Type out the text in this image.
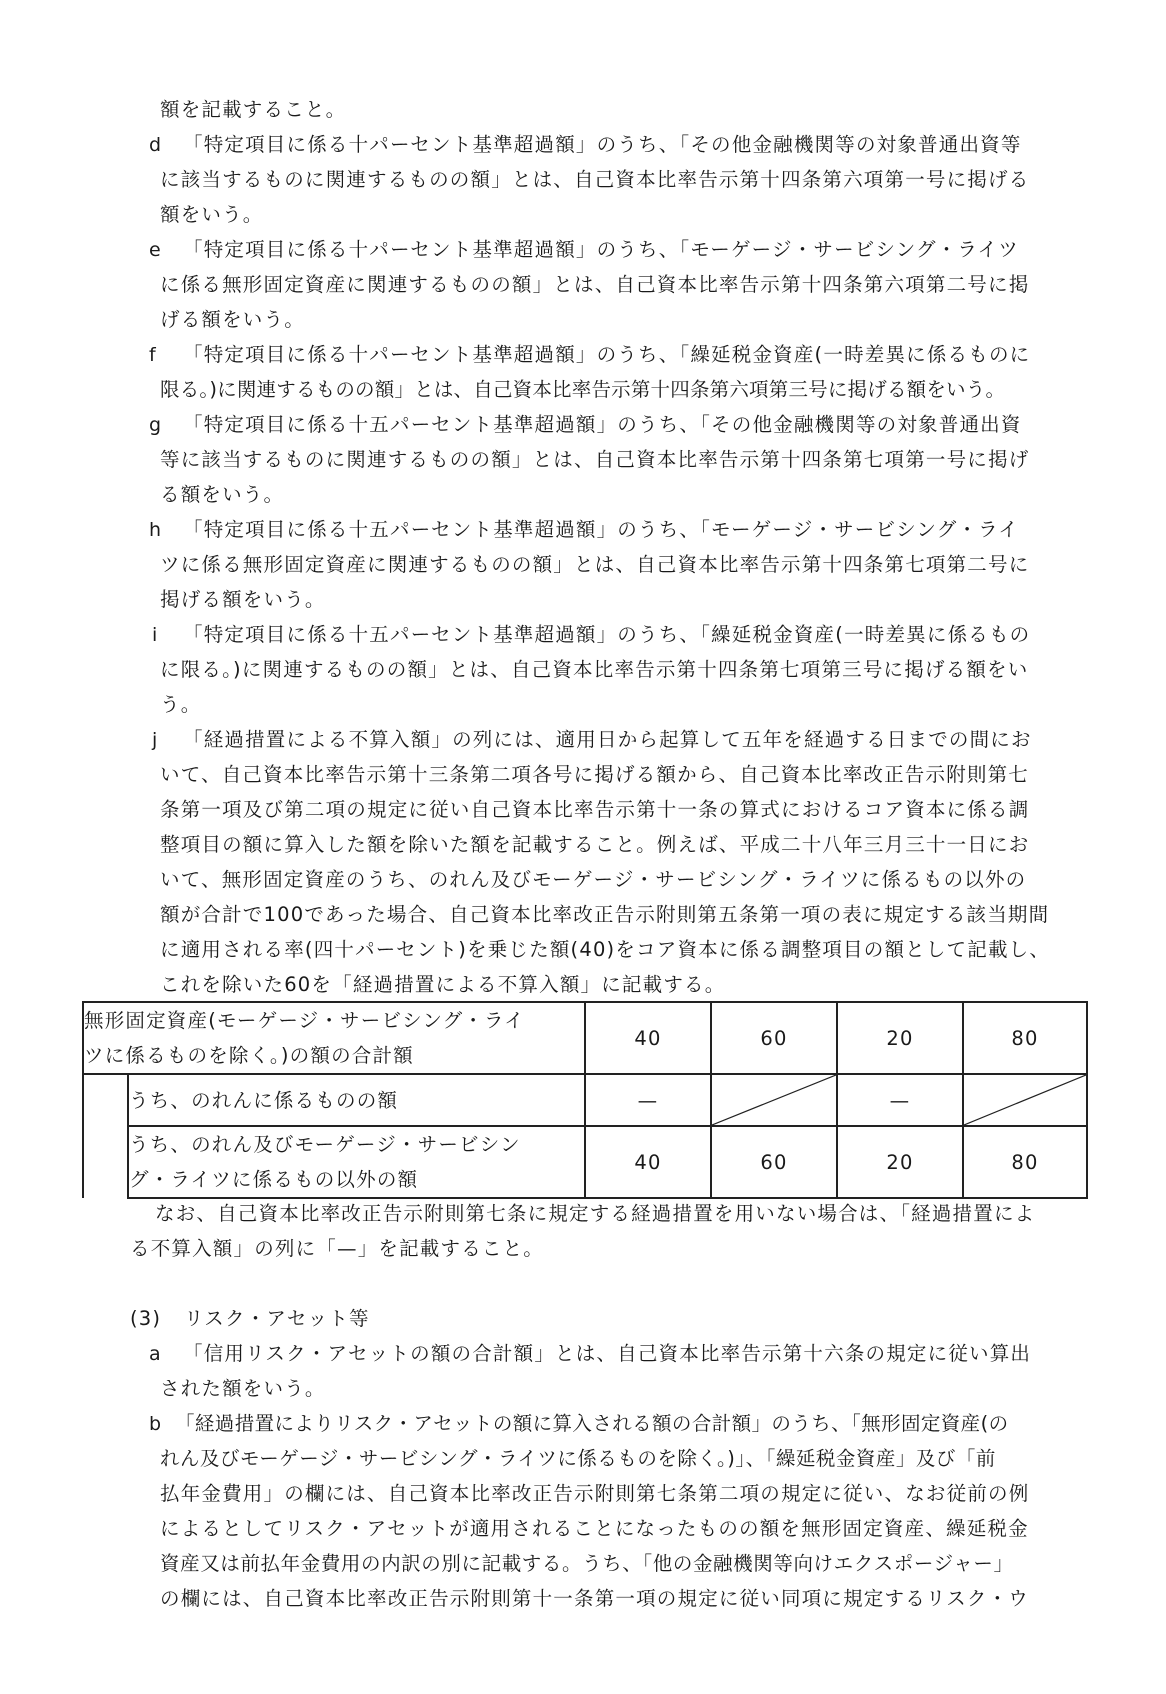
額を記載すること。
d 「特定項目に係る十パーセント基準超過額」のうち、「その他金融機関等の対象普通出資等
に該当するものに関連するものの額」とは、自己資本比率告示第十四条第六項第一号に掲げる
額をいう。
e 「特定項目に係る十パーセント基準超過額」のうち、「モーゲージ・サービシング・ライツ
に係る無形固定資産に関連するものの額」とは、自己資本比率告示第十四条第六項第二号に掲
げる額をいう。
f 「特定項目に係る十パーセント基準超過額」のうち、「繰延税金資産(一時差異に係るものに
限る。)に関連するものの額」とは、自己資本比率告示第十四条第六項第三号に掲げる額をいう。
g 「特定項目に係る十五パーセント基準超過額」のうち、「その他金融機関等の対象普通出資
等に該当するものに関連するものの額」とは、自己資本比率告示第十四条第七項第一号に掲げ
る額をいう。
h 「特定項目に係る十五パーセント基準超過額」のうち、「モーゲージ・サービシング・ライ
ツに係る無形固定資産に関連するものの額」とは、自己資本比率告示第十四条第七項第二号に
掲げる額をいう。
i 「特定項目に係る十五パーセント基準超過額」のうち、「繰延税金資産(一時差異に係るもの
に限る。)に関連するものの額」とは、自己資本比率告示第十四条第七項第三号に掲げる額をい
う。
j 「経過措置による不算入額」の列には、適用日から起算して五年を経過する日までの間にお
いて、自己資本比率告示第十三条第二項各号に掲げる額から、自己資本比率改正告示附則第七
条第一項及び第二項の規定に従い自己資本比率告示第十一条の算式におけるコア資本に係る調
整項目の額に算入した額を除いた額を記載すること。例えば、平成二十八年三月三十一日にお
いて、無形固定資産のうち、のれん及びモーゲージ・サービシング・ライツに係るもの以外の
額が合計で100であった場合、自己資本比率改正告示附則第五条第一項の表に規定する該当期間
に適用される率(四十パーセント)を乗じた額(40)をコア資本に係る調整項目の額として記載し、
これを除いた60を「経過措置による不算入額」に記載する。
無形固定資産(モーゲージ・サービシング・ライ
ツに係るものを除く。)の額の合計額		40	60	20	80

	うち、のれんに係るものの額	—		—	

	うち、のれん及びモーゲージ・サービシン
グ・ライツに係るもの以外の額	40	60	20	80
なお、自己資本比率改正告示附則第七条に規定する経過措置を用いない場合は、「経過措置によ
る不算入額」の列に「—」を記載すること。
(3) リスク・アセット等
a 「信用リスク・アセットの額の合計額」とは、自己資本比率告示第十六条の規定に従い算出
された額をいう。
b 「経過措置によりリスク・アセットの額に算入される額の合計額」のうち、「無形固定資産(の
れん及びモーゲージ・サービシング・ライツに係るものを除く。)」、「繰延税金資産」及び「前
払年金費用」の欄には、自己資本比率改正告示附則第七条第二項の規定に従い、なお従前の例
によるとしてリスク・アセットが適用されることになったものの額を無形固定資産、繰延税金
資産又は前払年金費用の内訳の別に記載する。うち、「他の金融機関等向けエクスポージャー」
の欄には、自己資本比率改正告示附則第十一条第一項の規定に従い同項に規定するリスク・ウ
